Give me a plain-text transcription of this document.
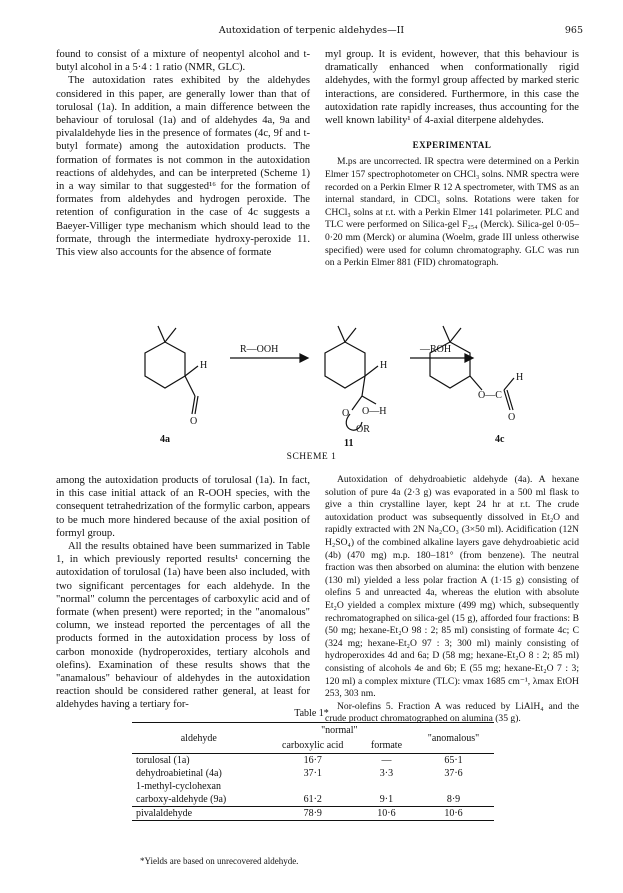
Autoxidation of terpenic aldehydes—II	965

found to consist of a mixture of neopentyl alcohol and t-butyl alcohol in a 5·4 : 1 ratio (NMR, GLC).

The autoxidation rates exhibited by the aldehydes considered in this paper, are generally lower than that of torulosal (1a). In addition, a main difference between the behaviour of torulosal (1a) and of aldehydes 4a, 9a and pivalaldehyde lies in the presence of formates (4c, 9f and t-butyl formate) among the autoxidation products. The formation of formates is not common in the autoxidation reactions of aldehydes, and can be interpreted (Scheme 1) in a way similar to that suggested¹⁶ for the formation of formates from aldehydes and hydrogen peroxide. The retention of configuration in the case of 4c suggests a Baeyer-Villiger type mechanism which should lead to the formate, through the intermediate hydroxy-peroxide 11. This view also accounts for the absence of formate

myl group. It is evident, however, that this behaviour is dramatically enhanced when conformationally rigid aldehydes, with the formyl group affected by marked steric interactions, are considered. Furthermore, in this case the autoxidation rate rapidly increases, thus accounting for the well known lability¹ of 4-axial diterpene aldehydes.

EXPERIMENTAL

M.ps are uncorrected. IR spectra were determined on a Perkin Elmer 157 spectrophotometer on CHCl₃ solns. NMR spectra were recorded on a Perkin Elmer R 12 A spectrometer, with TMS as an internal standard, in CDCl₃ solns. Rotations were taken for CHCl₃ solns at r.t. with a Perkin Elmer 141 polarimeter. PLC and TLC were performed on Silica-gel F₂₅₄ (Merck). Silica-gel 0·05–0·20 mm (Merck) or alumina (Woelm, grade III unless otherwise specified) were used for column chromatography. GLC was run on a Perkin Elmer 881 (FID) chromatograph.

R—OOH	—ROH
H
O
4a
H
O O—H
OR
11
H
O—C
O
4c
SCHEME 1

among the autoxidation products of torulosal (1a). In fact, in this case initial attack of an R-OOH species, with the consequent tetrahedrization of the formylic carbon, appears to be much more hindered because of the axial position of formyl group.

All the results obtained have been summarized in Table 1, in which previously reported results¹ concerning the autoxidation of torulosal (1a) have been also included, with two significant percentages for each aldehyde. In the "normal" column the percentages of carboxylic acid and of formate (when present) were reported; in the "anomalous" column, we instead reported the percentages of all the products formed in the autoxidation process by loss of carbon monoxide (hydroperoxides, tertiary alcohols and olefins). Examination of these results shows that the "anamalous" behaviour of aldehydes in the autoxidation reaction should be considered rather general, at least for aldehydes having a tertiary for-

Autoxidation of dehydroabietic aldehyde (4a). A hexane solution of pure 4a (2·3 g) was evaporated in a 500 ml flask to give a thin crystalline layer, kept 24 hr at r.t. The crude autoxidation product was subsequently dissolved in Et₂O and rapidly extracted with 2N Na₂CO₃ (3×50 ml). Acidification (12N H₂SO₄) of the combined alkaline layers gave dehydroabietic acid (4b) (470 mg) m.p. 180–181° (from benzene). The neutral fraction was then absorbed on alumina: the elution with benzene (130 ml) yielded a less polar fraction A (1·15 g) consisting of olefins 5 and unreacted 4a, whereas the elution with absolute Et₂O yielded a complex mixture (499 mg) which, subsequently rechromatographed on silica-gel (15 g), afforded four fractions: B (50 mg; hexane-Et₂O 98 : 2; 85 ml) consisting of formate 4c; C (324 mg; hexane-Et₂O 97 : 3; 300 ml) mainly consisting of hydroperoxides 4d and 6a; D (58 mg; hexane-Et₂O 8 : 2; 85 ml) consisting of alcohols 4e and 6b; E (55 mg; hexane-Et₂O 7 : 3; 120 ml) a complex mixture (TLC): νmax 1685 cm⁻¹, λmax EtOH 253, 303 nm.

Nor-olefins 5. Fraction A was reduced by LiAlH₄ and the crude product chromatographed on alumina (35 g).

Table 1*
aldehyde	"normal"		"anomalous"
	carboxylic acid	formate	
torulosal (1a)	16·7	—	65·1
dehydroabietinal (4a)	37·1	3·3	37·6
1-methyl-cyclohexan			
carboxy-aldehyde (9a)	61·2	9·1	8·9
pivalaldehyde	78·9	10·6	10·6
*Yields are based on unrecovered aldehyde.
